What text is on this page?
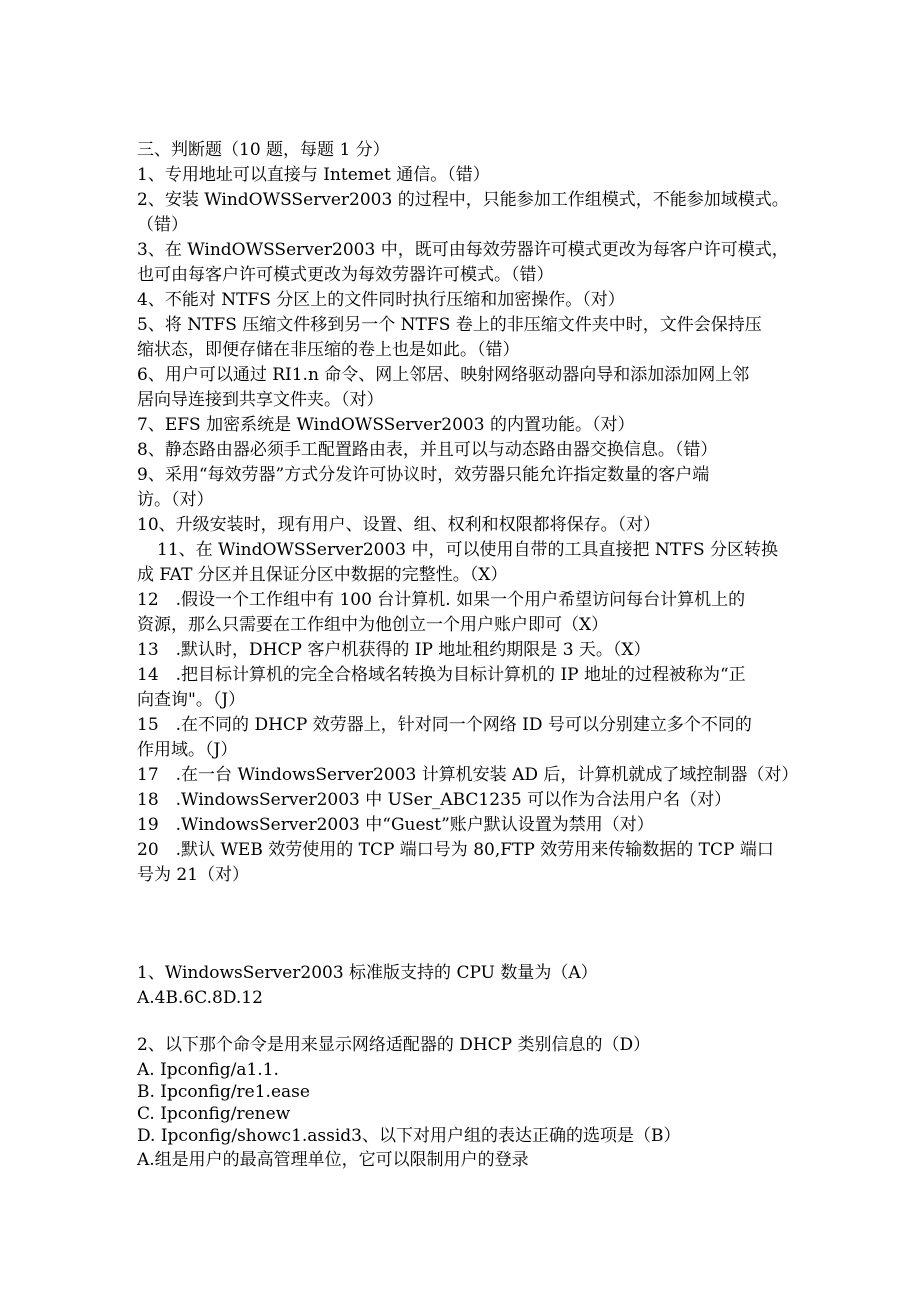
三、判断题（10 题，每题 1 分）
1、专用地址可以直接与 Intemet 通信。（错）
2、安装 WindOWSServer2003 的过程中，只能参加工作组模式，不能参加域模式。
（错）
3、在 WindOWSServer2003 中，既可由每效劳器许可模式更改为每客户许可模式，
也可由每客户许可模式更改为每效劳器许可模式。（错）
4、不能对 NTFS 分区上的文件同时执行压缩和加密操作。（对）
5、将 NTFS 压缩文件移到另一个 NTFS 卷上的非压缩文件夹中时，文件会保持压
缩状态，即便存储在非压缩的卷上也是如此。（错）
6、用户可以通过 RI1.n 命令、网上邻居、映射网络驱动器向导和添加添加网上邻
居向导连接到共享文件夹。（对）
7、EFS 加密系统是 WindOWSServer2003 的内置功能。（对）
8、静态路由器必须手工配置路由表，并且可以与动态路由器交换信息。（错）
9、采用“每效劳器”方式分发许可协议时，效劳器只能允许指定数量的客户端
访。（对）
10、升级安装时，现有用户、设置、组、权利和权限都将保存。（对）
11、在 WindOWSServer2003 中，可以使用自带的工具直接把 NTFS 分区转换
成 FAT 分区并且保证分区中数据的完整性。（X）
12　.假设一个工作组中有 100 台计算机. 如果一个用户希望访问每台计算机上的
资源，那么只需要在工作组中为他创立一个用户账户即可（X）
13　.默认时，DHCP 客户机获得的 IP 地址租约期限是 3 天。（X）
14　.把目标计算机的完全合格域名转换为目标计算机的 IP 地址的过程被称为“正
向查询"。（J）
15　.在不同的 DHCP 效劳器上，针对同一个网络 ID 号可以分别建立多个不同的
作用域。（J）
17　.在一台 WindowsServer2003 计算机安装 AD 后，计算机就成了域控制器（对）
18　.WindowsServer2003 中 USer_ABC1235 可以作为合法用户名（对）
19　.WindowsServer2003 中“Guest”账户默认设置为禁用（对）
20　.默认 WEB 效劳使用的 TCP 端口号为 80,FTP 效劳用来传输数据的 TCP 端口
号为 21（对）
1、WindowsServer2003 标准版支持的 CPU 数量为（A）
A.4B.6C.8D.12
2、以下那个命令是用来显示网络适配器的 DHCP 类别信息的（D）
A. Ipconfig/a1.1.
B. Ipconfig/re1.ease
C. Ipconfig/renew
D. Ipconfig/showc1.assid3、以下对用户组的表达正确的选项是（B）
A.组是用户的最高管理单位，它可以限制用户的登录
